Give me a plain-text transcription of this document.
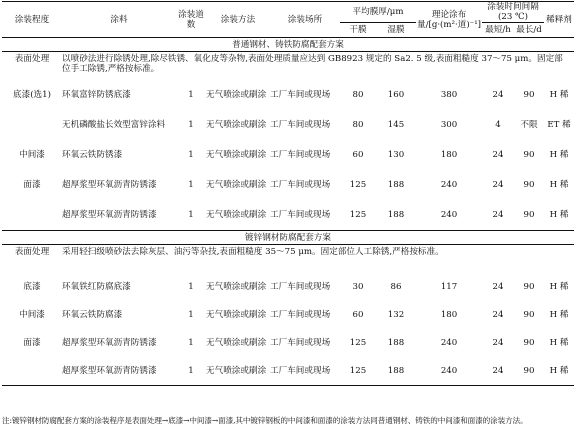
涂装程度	涂料	涂装道数	涂装方法	涂装场所	平均膜厚/μm		理论涂布量/[g·(m²·道)⁻¹]	涂装时间间隔(23 ℃)		稀释剂
					干膜	湿膜		最短/h	最长/d	
普通钢材、铸铁防腐配套方案										
表面处理	以喷砂法进行除锈处理,除尽铁锈、氧化皮等杂物,表面处理质量应达到 GB8923 规定的 Sa2. 5 级,表面粗糙度 37～75 μm。固定部位手工除锈,严格按标准。									
底漆(选1)	环氧富锌防锈底漆	1	无气喷涂或刷涂	工厂车间或现场	80	160	380	24	90	H 稀
	无机磷酸盐长效型富锌涂料	1	无气喷涂或刷涂	工厂车间或现场	80	145	300	4	不限	ET 稀
中间漆	环氧云铁防锈漆	1	无气喷涂或刷涂	工厂车间或现场	60	130	180	24	90	H 稀
面漆	超厚浆型环氧沥青防锈漆	1	无气喷涂或刷涂	工厂车间或现场	125	188	240	24	90	H 稀
	超厚浆型环氧沥青防锈漆	1	无气喷涂或刷涂	工厂车间或现场	125	188	240	24	90	H 稀
镀锌钢材防腐配套方案										
表面处理	采用轻扫级喷砂法去除灰层、油污等杂技,表面粗糙度 35～75 μm。固定部位人工除锈,严格按标准。									
底漆	环氧铁红防腐底漆	1	无气喷涂或刷涂	工厂车间或现场	30	86	117	24	90	H 稀
中间漆	环氧云铁防腐漆	1	无气喷涂或刷涂	工厂车间或现场	60	132	180	24	90	H 稀
面漆	超厚浆型环氧沥青防锈漆	1	无气喷涂或刷涂	工厂车间或现场	125	188	240	24	90	H 稀
	超厚浆型环氧沥青防锈漆	1	无气喷涂或刷涂	工厂车间或现场	125	188	240	24	90	H 稀
注:镀锌钢材防腐配套方案的涂装程序是表面处理→底漆→中间漆→面漆,其中镀锌钢板的中间漆和面漆的涂装方法同普通钢材、铸铁的中间漆和面漆的涂装方法。
